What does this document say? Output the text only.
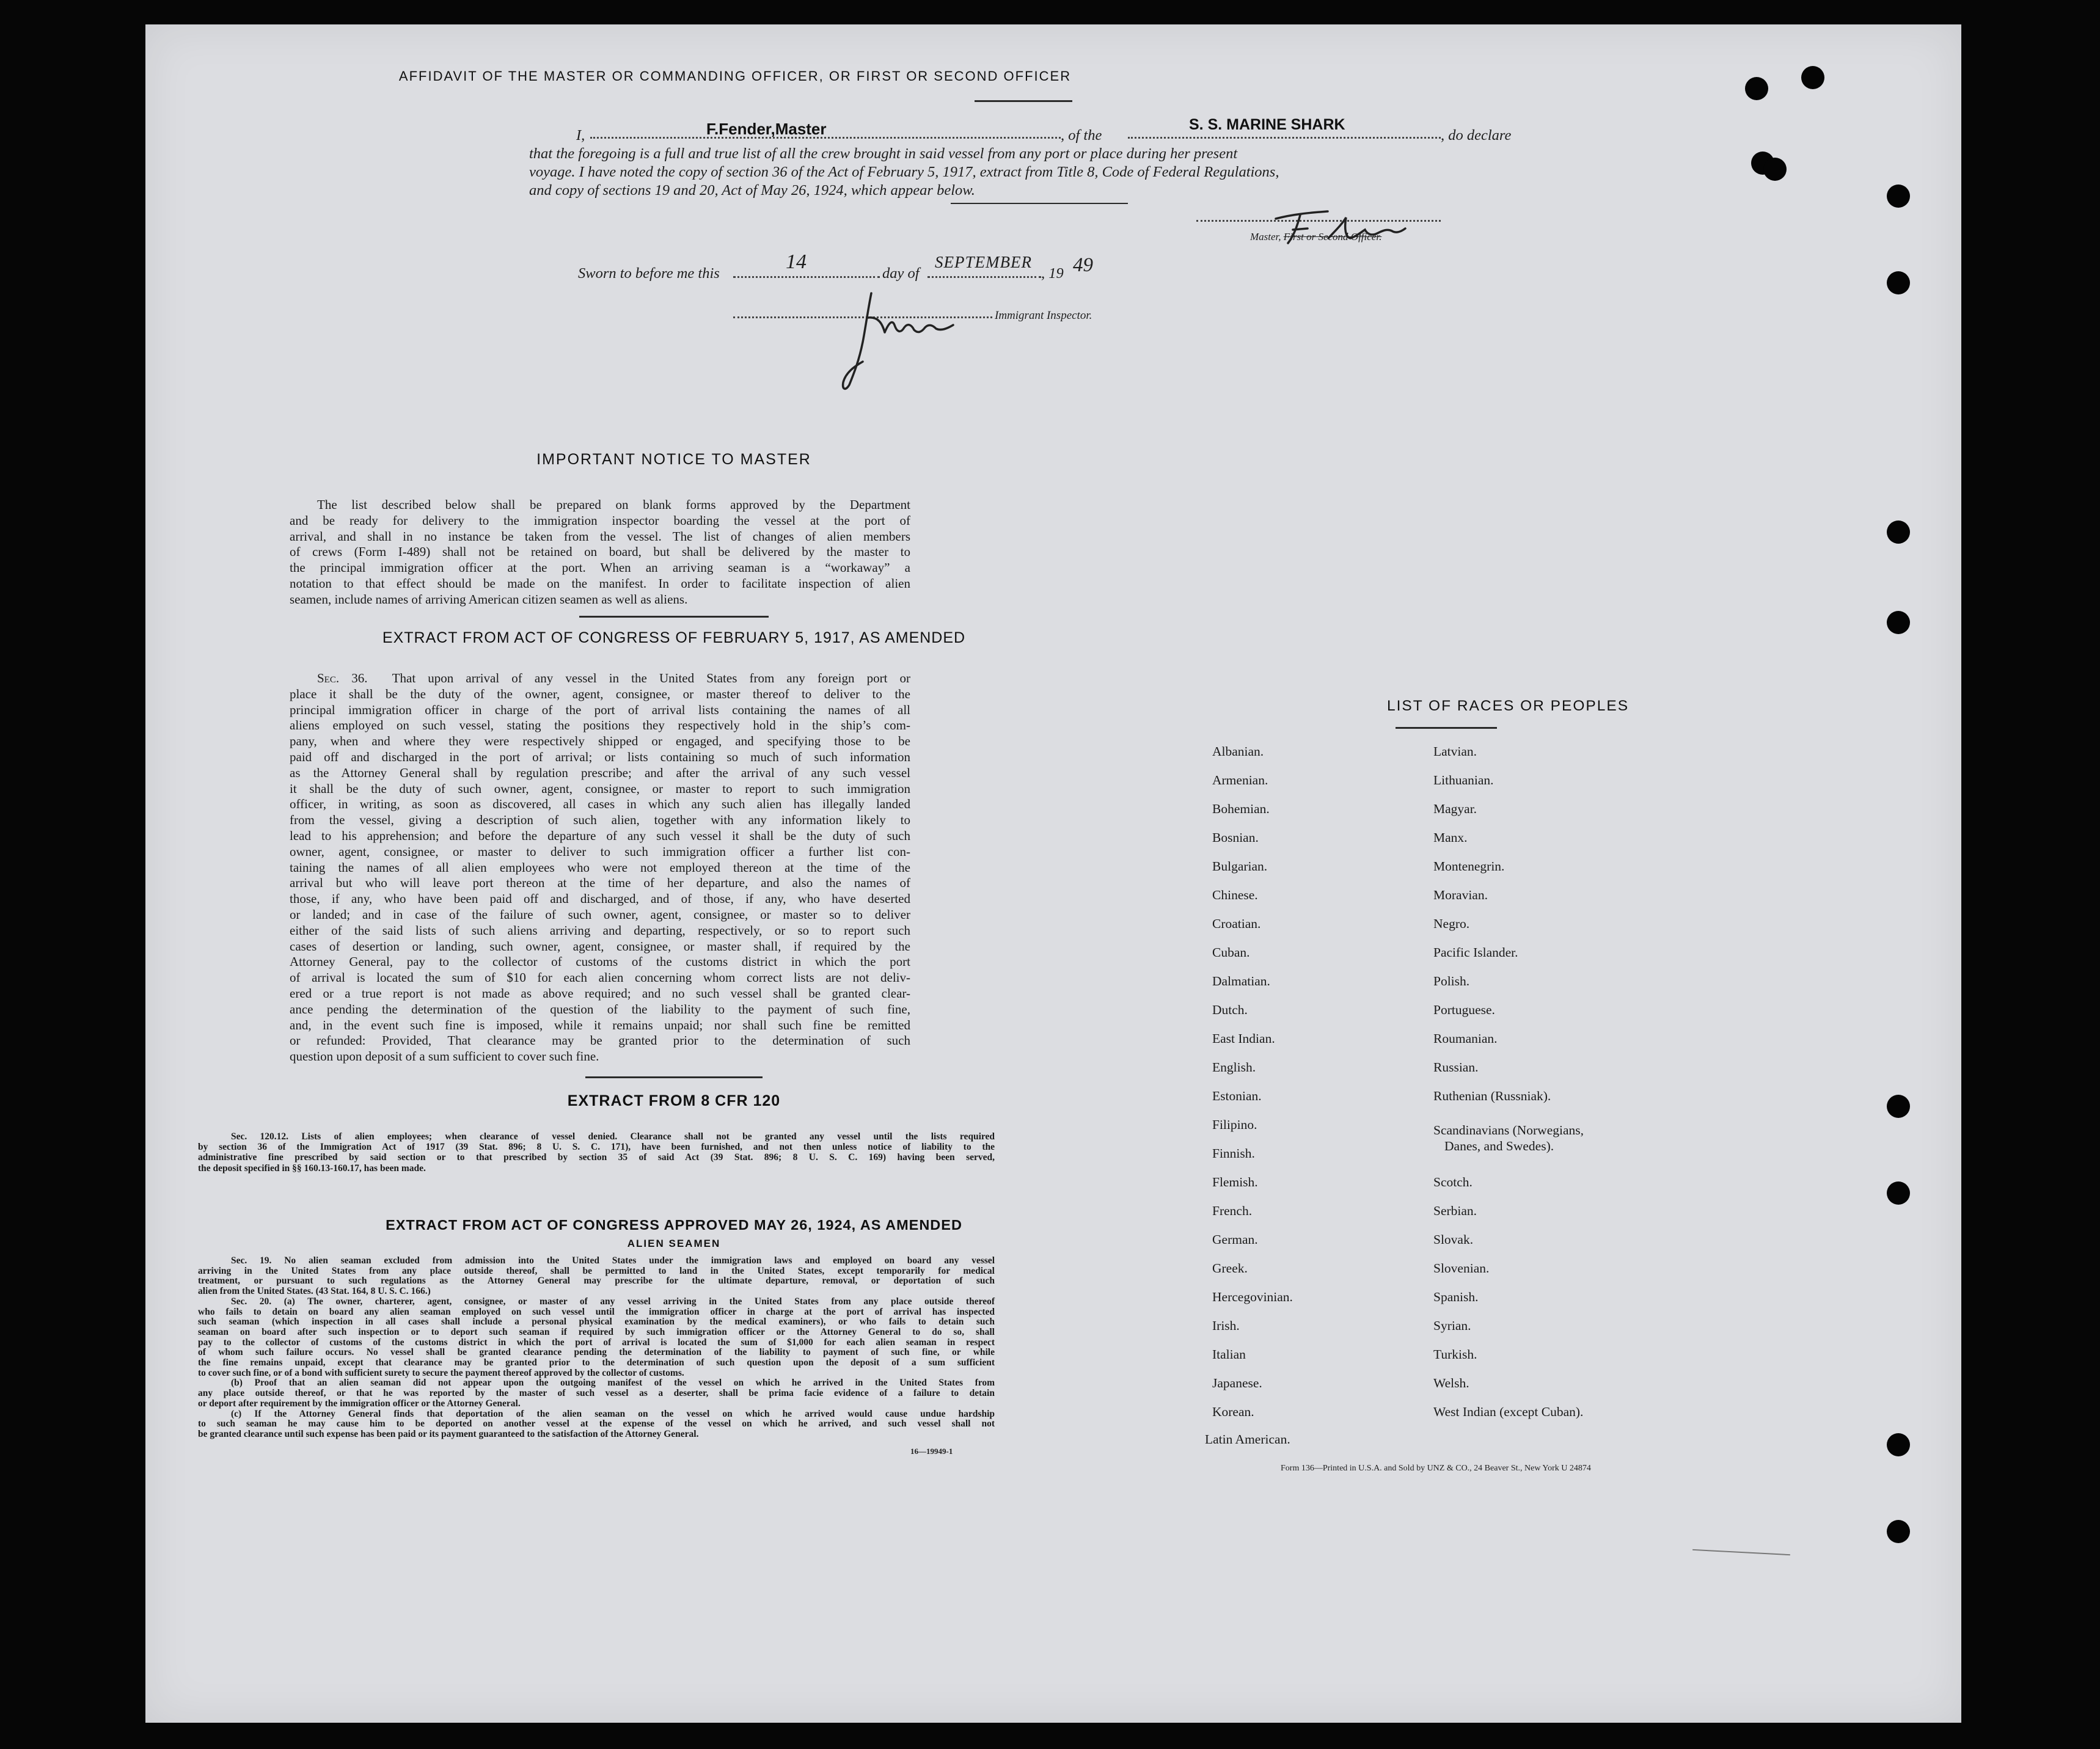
AFFIDAVIT OF THE MASTER OR COMMANDING OFFICER, OR FIRST OR SECOND OFFICER
I,	F.Fender,Master	, of the
S. S. MARINE SHARK
, do declare
that the foregoing is a full and true list of all the crew brought in said vessel from any port or place during her present
voyage. I have noted the copy of section 36 of the Act of February 5, 1917, extract from Title 8, Code of Federal Regulations,
and copy of sections 19 and 20, Act of May 26, 1924, which appear below.
Master, First or Second Officer.
Sworn to before me this
14
day of
SEPTEMBER
, 19 49
Immigrant Inspector.
IMPORTANT NOTICE TO MASTER
The list described below shall be prepared on blank forms approved by the Department
and be ready for delivery to the immigration inspector boarding the vessel at the port of
arrival, and shall in no instance be taken from the vessel. The list of changes of alien members
of crews (Form I-489) shall not be retained on board, but shall be delivered by the master to
the principal immigration officer at the port. When an arriving seaman is a “workaway” a
notation to that effect should be made on the manifest. In order to facilitate inspection of alien
seamen, include names of arriving American citizen seamen as well as aliens.
EXTRACT FROM ACT OF CONGRESS OF FEBRUARY 5, 1917, AS AMENDED
Sec. 36. That upon arrival of any vessel in the United States from any foreign port or
place it shall be the duty of the owner, agent, consignee, or master thereof to deliver to the
principal immigration officer in charge of the port of arrival lists containing the names of all
aliens employed on such vessel, stating the positions they respectively hold in the ship’s com-
pany, when and where they were respectively shipped or engaged, and specifying those to be
paid off and discharged in the port of arrival; or lists containing so much of such information
as the Attorney General shall by regulation prescribe; and after the arrival of any such vessel
it shall be the duty of such owner, agent, consignee, or master to report to such immigration
officer, in writing, as soon as discovered, all cases in which any such alien has illegally landed
from the vessel, giving a description of such alien, together with any information likely to
lead to his apprehension; and before the departure of any such vessel it shall be the duty of such
owner, agent, consignee, or master to deliver to such immigration officer a further list con-
taining the names of all alien employees who were not employed thereon at the time of the
arrival but who will leave port thereon at the time of her departure, and also the names of
those, if any, who have been paid off and discharged, and of those, if any, who have deserted
or landed; and in case of the failure of such owner, agent, consignee, or master so to deliver
either of the said lists of such aliens arriving and departing, respectively, or so to report such
cases of desertion or landing, such owner, agent, consignee, or master shall, if required by the
Attorney General, pay to the collector of customs of the customs district in which the port
of arrival is located the sum of $10 for each alien concerning whom correct lists are not deliv-
ered or a true report is not made as above required; and no such vessel shall be granted clear-
ance pending the determination of the question of the liability to the payment of such fine,
and, in the event such fine is imposed, while it remains unpaid; nor shall such fine be remitted
or refunded: Provided, That clearance may be granted prior to the determination of such
question upon deposit of a sum sufficient to cover such fine.
EXTRACT FROM 8 CFR 120
Sec. 120.12. Lists of alien employees; when clearance of vessel denied. Clearance shall not be granted any vessel until the lists required
by section 36 of the Immigration Act of 1917 (39 Stat. 896; 8 U. S. C. 171), have been furnished, and not then unless notice of liability to the
administrative fine prescribed by said section or to that prescribed by section 35 of said Act (39 Stat. 896; 8 U. S. C. 169) having been served,
the deposit specified in §§ 160.13-160.17, has been made.
EXTRACT FROM ACT OF CONGRESS APPROVED MAY 26, 1924, AS AMENDED
ALIEN SEAMEN
Sec. 19. No alien seaman excluded from admission into the United States under the immigration laws and employed on board any vessel
arriving in the United States from any place outside thereof, shall be permitted to land in the United States, except temporarily for medical
treatment, or pursuant to such regulations as the Attorney General may prescribe for the ultimate departure, removal, or deportation of such
alien from the United States. (43 Stat. 164, 8 U. S. C. 166.)
Sec. 20. (a) The owner, charterer, agent, consignee, or master of any vessel arriving in the United States from any place outside thereof
who fails to detain on board any alien seaman employed on such vessel until the immigration officer in charge at the port of arrival has inspected
such seaman (which inspection in all cases shall include a personal physical examination by the medical examiners), or who fails to detain such
seaman on board after such inspection or to deport such seaman if required by such immigration officer or the Attorney General to do so, shall
pay to the collector of customs of the customs district in which the port of arrival is located the sum of $1,000 for each alien seaman in respect
of whom such failure occurs. No vessel shall be granted clearance pending the determination of the liability to payment of such fine, or while
the fine remains unpaid, except that clearance may be granted prior to the determination of such question upon the deposit of a sum sufficient
to cover such fine, or of a bond with sufficient surety to secure the payment thereof approved by the collector of customs.
(b) Proof that an alien seaman did not appear upon the outgoing manifest of the vessel on which he arrived in the United States from
any place outside thereof, or that he was reported by the master of such vessel as a deserter, shall be prima facie evidence of a failure to detain
or deport after requirement by the immigration officer or the Attorney General.
(c) If the Attorney General finds that deportation of the alien seaman on the vessel on which he arrived would cause undue hardship
to such seaman he may cause him to be deported on another vessel at the expense of the vessel on which he arrived, and such vessel shall not
be granted clearance until such expense has been paid or its payment guaranteed to the satisfaction of the Attorney General.
16—19949-1
LIST OF RACES OR PEOPLES
Albanian.
Armenian.
Bohemian.
Bosnian.
Bulgarian.
Chinese.
Croatian.
Cuban.
Dalmatian.
Dutch.
East Indian.
English.
Estonian.
Filipino.
Finnish.
Flemish.
French.
German.
Greek.
Hercegovinian.
Irish.
Italian
Japanese.
Korean.
Latin American.
Latvian.
Lithuanian.
Magyar.
Manx.
Montenegrin.
Moravian.
Negro.
Pacific Islander.
Polish.
Portuguese.
Roumanian.
Russian.
Ruthenian (Russniak).
Scandinavians (Norwegians,
Danes, and Swedes).
Scotch.
Serbian.
Slovak.
Slovenian.
Spanish.
Syrian.
Turkish.
Welsh.
West Indian (except Cuban).
Form 136—Printed in U.S.A. and Sold by UNZ & CO., 24 Beaver St., New York U 24874
